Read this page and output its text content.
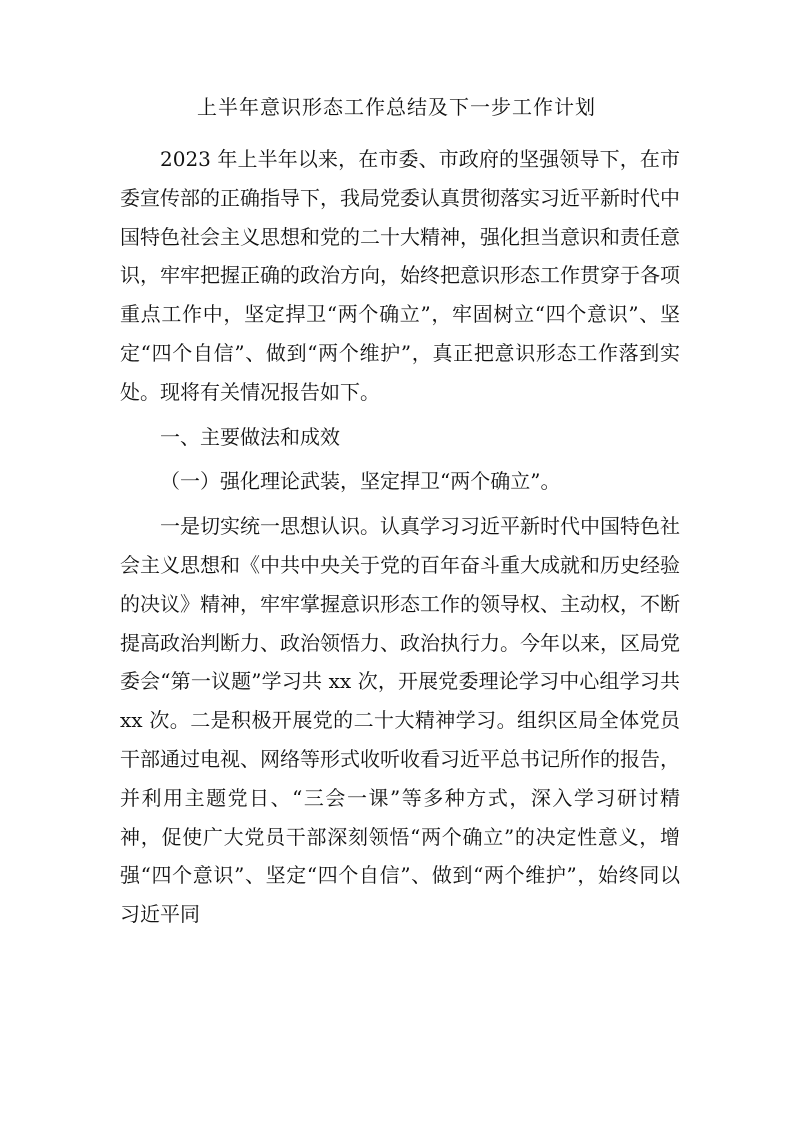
上半年意识形态工作总结及下一步工作计划

2023 年上半年以来，在市委、市政府的坚强领导下，在市委宣传部的正确指导下，我局党委认真贯彻落实习近平新时代中国特色社会主义思想和党的二十大精神，强化担当意识和责任意识，牢牢把握正确的政治方向，始终把意识形态工作贯穿于各项重点工作中，坚定捍卫“两个确立”，牢固树立“四个意识”、坚定“四个自信”、做到“两个维护”，真正把意识形态工作落到实处。现将有关情况报告如下。

一、主要做法和成效

（一）强化理论武装，坚定捍卫“两个确立”。

一是切实统一思想认识。认真学习习近平新时代中国特色社会主义思想和《中共中央关于党的百年奋斗重大成就和历史经验的决议》精神，牢牢掌握意识形态工作的领导权、主动权，不断提高政治判断力、政治领悟力、政治执行力。今年以来，区局党委会“第一议题”学习共 xx 次，开展党委理论学习中心组学习共 xx 次。二是积极开展党的二十大精神学习。组织区局全体党员干部通过电视、网络等形式收听收看习近平总书记所作的报告，并利用主题党日、“三会一课”等多种方式，深入学习研讨精神，促使广大党员干部深刻领悟“两个确立”的决定性意义，增强“四个意识”、坚定“四个自信”、做到“两个维护”，始终同以习近平同
